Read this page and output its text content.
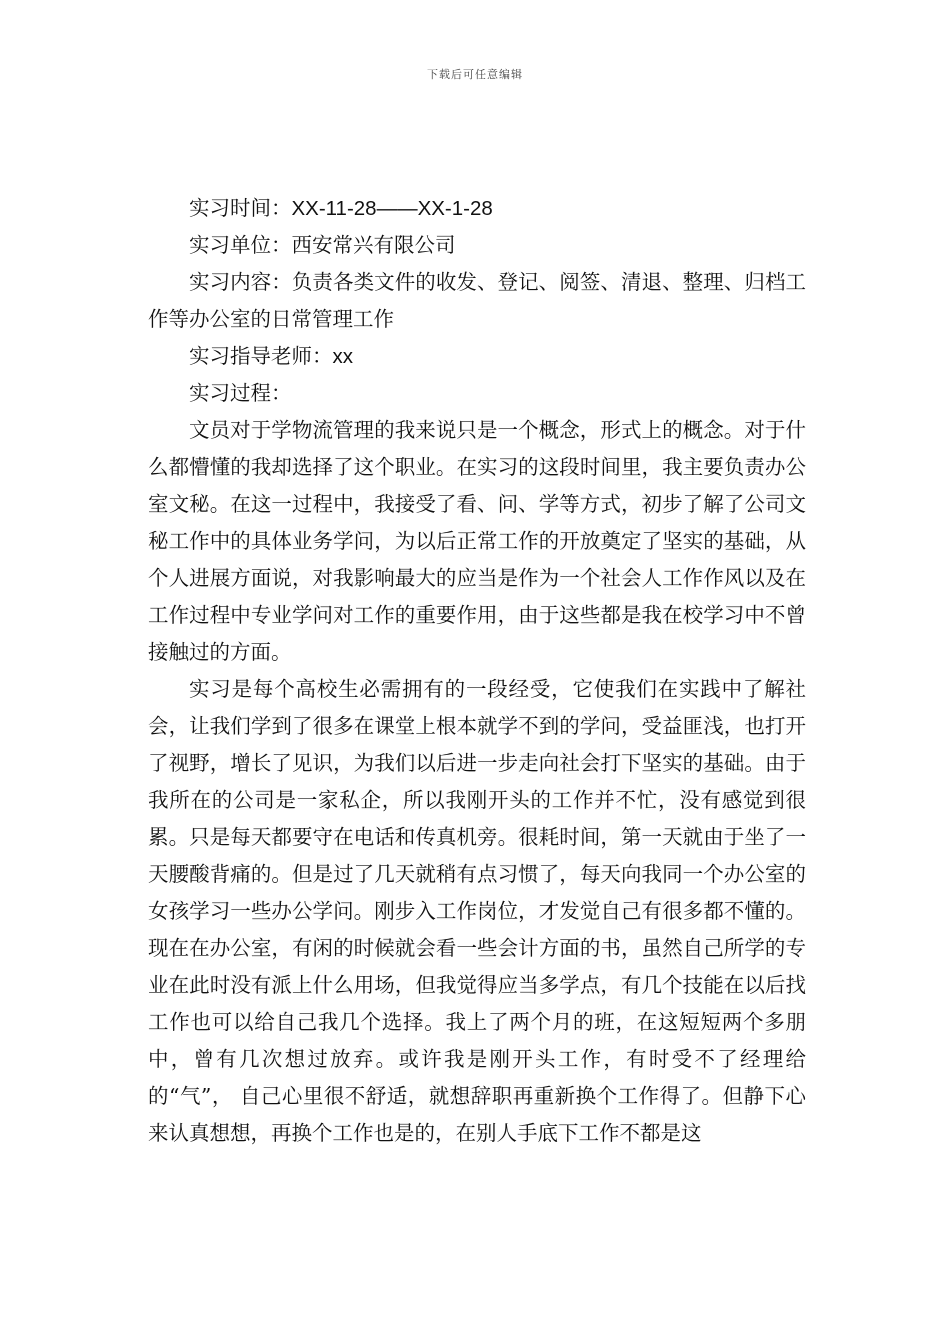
下载后可任意编辑

实习时间：XX-11-28——XX-1-28

实习单位：西安常兴有限公司

实习内容：负责各类文件的收发、登记、阅签、清退、整理、归档工作等办公室的日常管理工作

实习指导老师：xx

实习过程：

文员对于学物流管理的我来说只是一个概念，形式上的概念。对于什么都懵懂的我却选择了这个职业。在实习的这段时间里，我主要负责办公室文秘。在这一过程中，我接受了看、问、学等方式，初步了解了公司文秘工作中的具体业务学问，为以后正常工作的开放奠定了坚实的基础，从个人进展方面说，对我影响最大的应当是作为一个社会人工作作风以及在工作过程中专业学问对工作的重要作用，由于这些都是我在校学习中不曾接触过的方面。

实习是每个高校生必需拥有的一段经受，它使我们在实践中了解社会，让我们学到了很多在课堂上根本就学不到的学问，受益匪浅，也打开了视野，增长了见识，为我们以后进一步走向社会打下坚实的基础。由于我所在的公司是一家私企，所以我刚开头的工作并不忙，没有感觉到很累。只是每天都要守在电话和传真机旁。很耗时间，第一天就由于坐了一天腰酸背痛的。但是过了几天就稍有点习惯了，每天向我同一个办公室的女孩学习一些办公学问。刚步入工作岗位，才发觉自己有很多都不懂的。现在在办公室，有闲的时候就会看一些会计方面的书，虽然自己所学的专业在此时没有派上什么用场，但我觉得应当多学点，有几个技能在以后找工作也可以给自己我几个选择。我上了两个月的班，在这短短两个多朋中，曾有几次想过放弃。或许我是刚开头工作，有时受不了经理给的“气”， 自己心里很不舒适，就想辞职再重新换个工作得了。但静下心来认真想想，再换个工作也是的，在别人手底下工作不都是这
